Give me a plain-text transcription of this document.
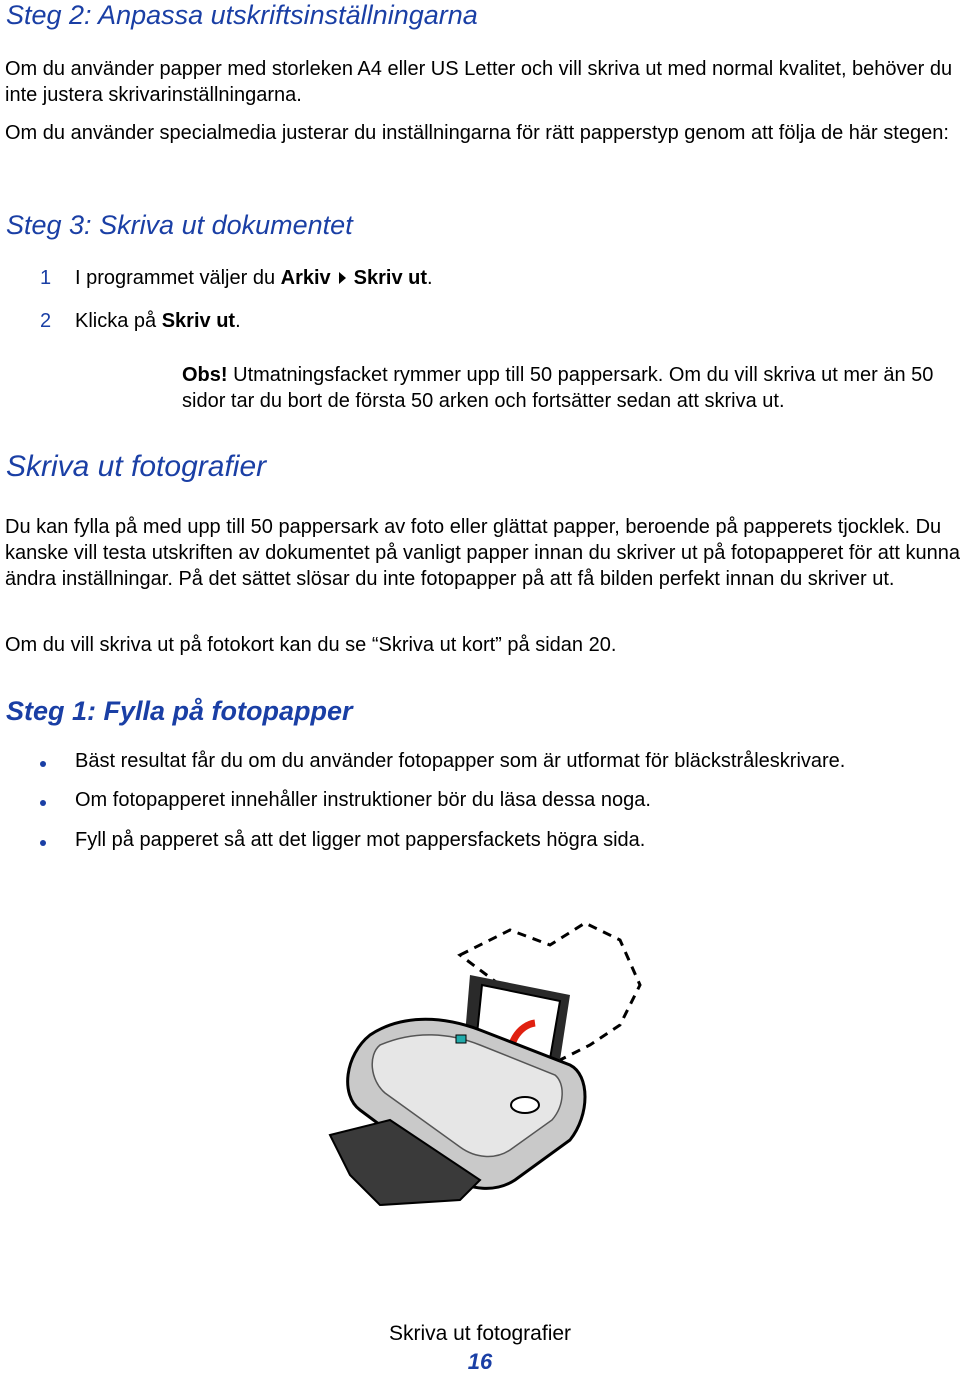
Steg 2: Anpassa utskriftsinställningarna

Om du använder papper med storleken A4 eller US Letter och vill skriva ut med normal kvalitet, behöver du inte justera skrivarinställningarna.

Om du använder specialmedia justerar du inställningarna för rätt papperstyp genom att följa de här stegen:

Steg 3: Skriva ut dokumentet
1 I programmet väljer du Arkiv Skriv ut.
2 Klicka på Skriv ut.
Obs! Utmatningsfacket rymmer upp till 50 pappersark. Om du vill skriva ut mer än 50 sidor tar du bort de första 50 arken och fortsätter sedan att skriva ut.
Skriva ut fotografier

Du kan fylla på med upp till 50 pappersark av foto eller glättat papper, beroende på papperets tjocklek. Du kanske vill testa utskriften av dokumentet på vanligt papper innan du skriver ut på fotopapperet för att kunna ändra inställningar. På det sättet slösar du inte fotopapper på att få bilden perfekt innan du skriver ut.

Om du vill skriva ut på fotokort kan du se “Skriva ut kort” på sidan 20.

Steg 1: Fylla på fotopapper
Bäst resultat får du om du använder fotopapper som är utformat för bläckstråleskrivare.
Om fotopapperet innehåller instruktioner bör du läsa dessa noga.
Fyll på papperet så att det ligger mot pappersfackets högra sida.
Skriva ut fotografier
16
